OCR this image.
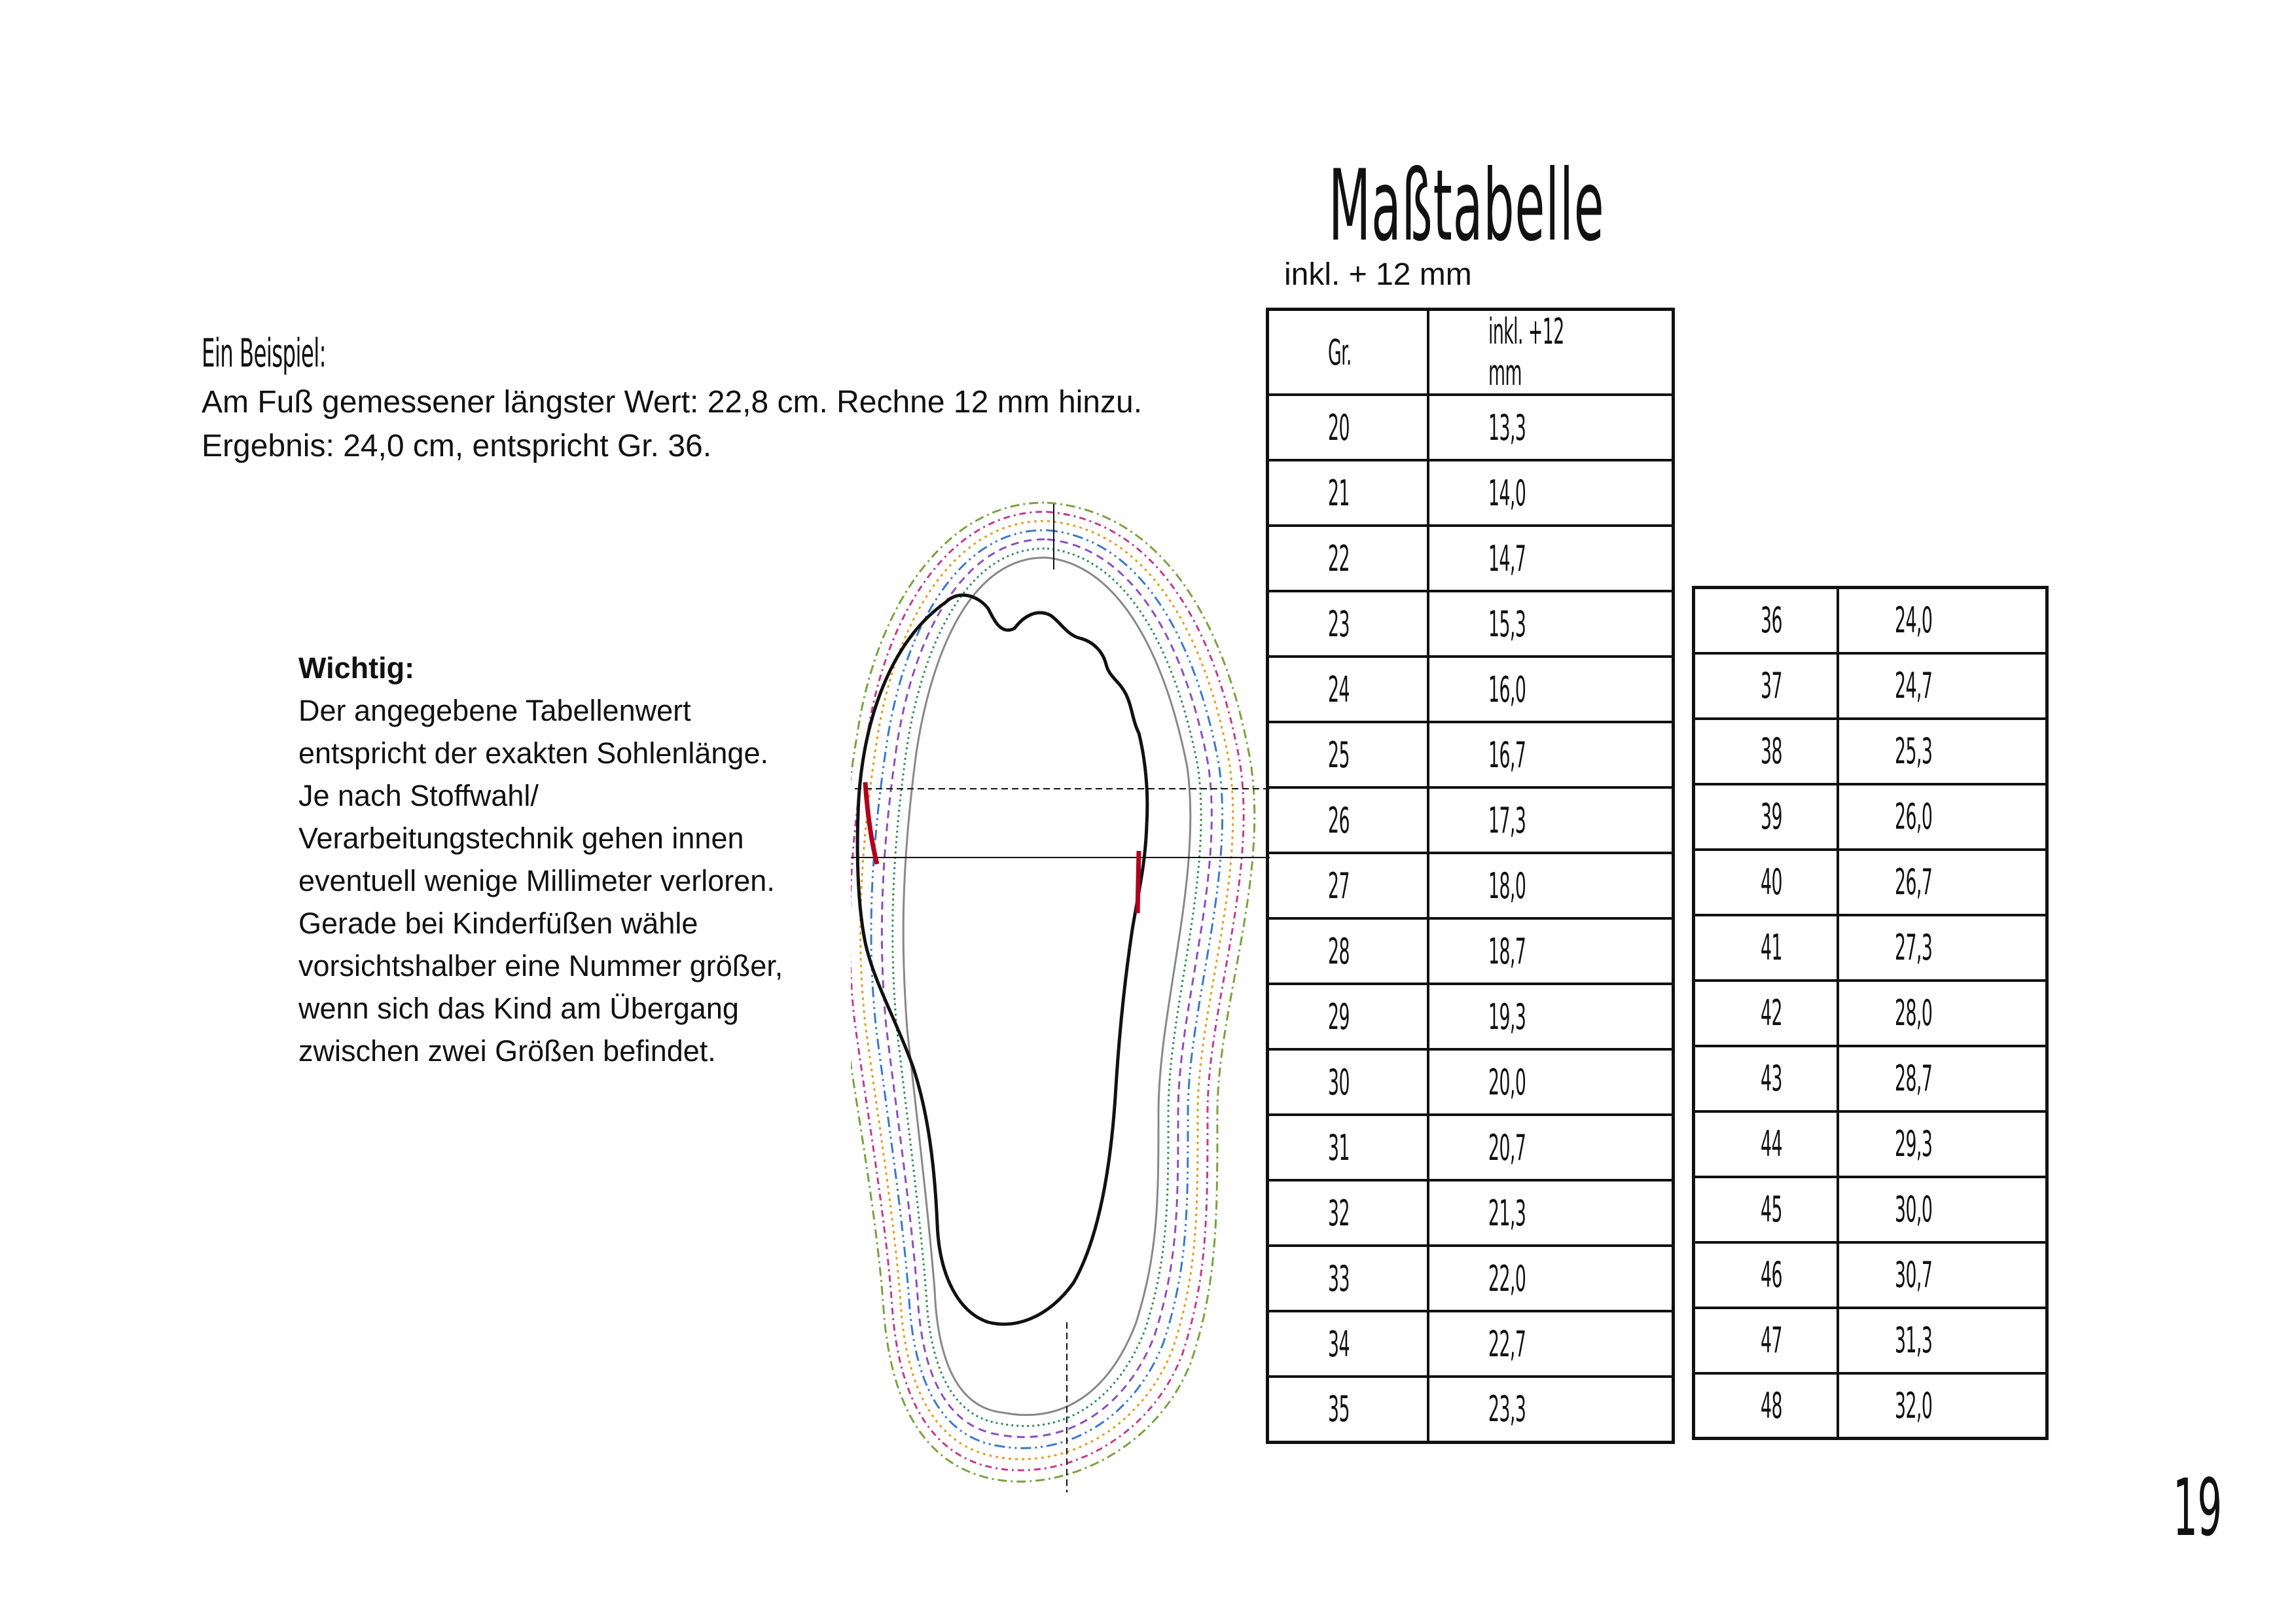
Maßtabelle
inkl. + 12 mm
Ein Beispiel:
Am Fuß gemessener längster Wert: 22,8 cm. Rechne 12 mm hinzu.
Ergebnis: 24,0 cm, entspricht Gr. 36.
Wichtig:
Der angegebene Tabellenwert entspricht der exakten Sohlenlänge. Je nach Stoffwahl/ Verarbeitungstechnik gehen innen eventuell wenige Millimeter verloren. Gerade bei Kinderfüßen wähle vorsichtshalber eine Nummer größer, wenn sich das Kind am Übergang zwischen zwei Größen befindet.
Gr.	inkl. +12 mm
20	13,3
21	14,0
22	14,7
23	15,3
24	16,0
25	16,7
26	17,3
27	18,0
28	18,7
29	19,3
30	20,0
31	20,7
32	21,3
33	22,0
34	22,7
35	23,3
36	24,0
37	24,7
38	25,3
39	26,0
40	26,7
41	27,3
42	28,0
43	28,7
44	29,3
45	30,0
46	30,7
47	31,3
48	32,0
19
